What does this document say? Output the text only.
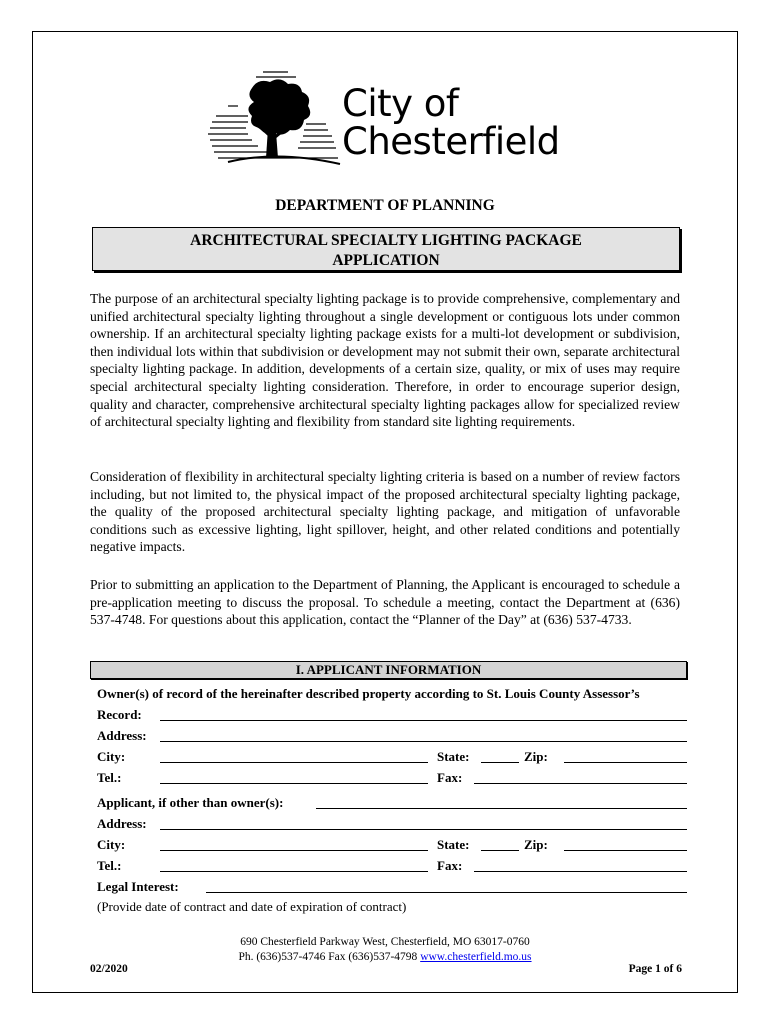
City of
Chesterfield
DEPARTMENT OF PLANNING
ARCHITECTURAL SPECIALTY LIGHTING PACKAGE
APPLICATION

The purpose of an architectural specialty lighting package is to provide comprehensive, complementary and unified architectural specialty lighting throughout a single development or contiguous lots under common ownership. If an architectural specialty lighting package exists for a multi-lot development or subdivision, then individual lots within that subdivision or development may not submit their own, separate architectural specialty lighting package. In addition, developments of a certain size, quality, or mix of uses may require special architectural specialty lighting consideration. Therefore, in order to encourage superior design, quality and character, comprehensive architectural specialty lighting packages allow for specialized review of architectural specialty lighting and flexibility from standard site lighting requirements.

Consideration of flexibility in architectural specialty lighting criteria is based on a number of review factors including, but not limited to, the physical impact of the proposed architectural specialty lighting package, the quality of the proposed architectural specialty lighting package, and mitigation of unfavorable conditions such as excessive lighting, light spillover, height, and other related conditions and potentially negative impacts.

Prior to submitting an application to the Department of Planning, the Applicant is encouraged to schedule a pre-application meeting to discuss the proposal. To schedule a meeting, contact the Department at (636) 537-4748. For questions about this application, contact the “Planner of the Day” at (636) 537-4733.

I. APPLICANT INFORMATION
Owner(s) of record of the hereinafter described property according to St. Louis County Assessor’s
Record:
Address:
City:	State:	Zip:
Tel.:	Fax:
Applicant, if other than owner(s):
Address:
City:	State:	Zip:
Tel.:	Fax:
Legal Interest:
(Provide date of contract and date of expiration of contract)
690 Chesterfield Parkway West, Chesterfield, MO 63017-0760
Ph. (636)537-4746 Fax (636)537-4798 www.chesterfield.mo.us
02/2020	Page 1 of 6
